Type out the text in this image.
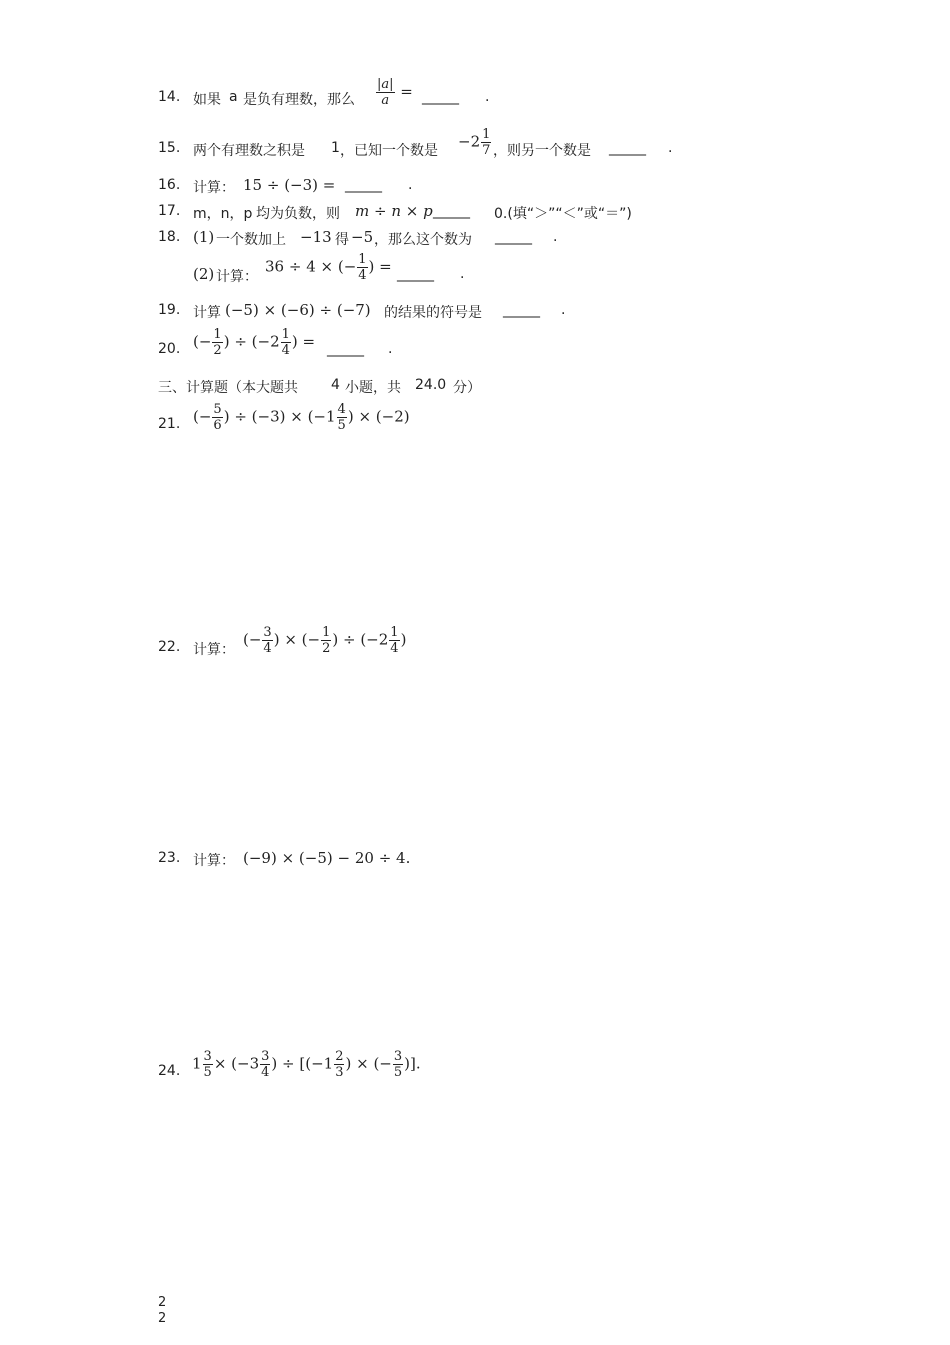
14. 如果 a 是负有理数，那么 $\frac{|a|}{a}$ = ______ .
15. 两个有理数之积是 1 ，已知一个数是
$-2 \frac{1}{7}$ ，则另一个数是 ______ .
16. 计算： 15 ÷ (−3) = ______ .
17. m，n，p 均为负数，则 m ÷ n × p ______ 0.(填“＞”“＜”或“＝”)
18. (1) 一个数加上 −13 得 −5 ，那么这个数为 ______ .
(2) 计算：
36 ÷ 4 × (− $\frac{1}{4}$ ) = ______ .
19. 计算 (−5) × (−6) ÷ (−7) 的结果的符号是 ______ .
20. (− $\frac{1}{2}$ ) ÷ ($-2 \frac{1}{4}$ ) = ______ .
三、计算题（本大题共 4 小题，共 24.0 分）
21. (− $\frac{5}{6}$ ) ÷ $(-3) \times (-1 \frac{4}{5}$ ) × (−2)
22. 计算：
(− $\frac{3}{4}$ ) × (− $\frac{1}{2}$ ) ÷ ($-2 \frac{1}{4}$ )
23. 计算： (−9) × (−5) − 20 ÷ 4.
24. $1 \frac{3}{5} \times (-3 \frac{3}{4}$ ) ÷ [($-1 \frac{2}{3}$ ) × (− $\frac{3}{5}$ )].
2
2
